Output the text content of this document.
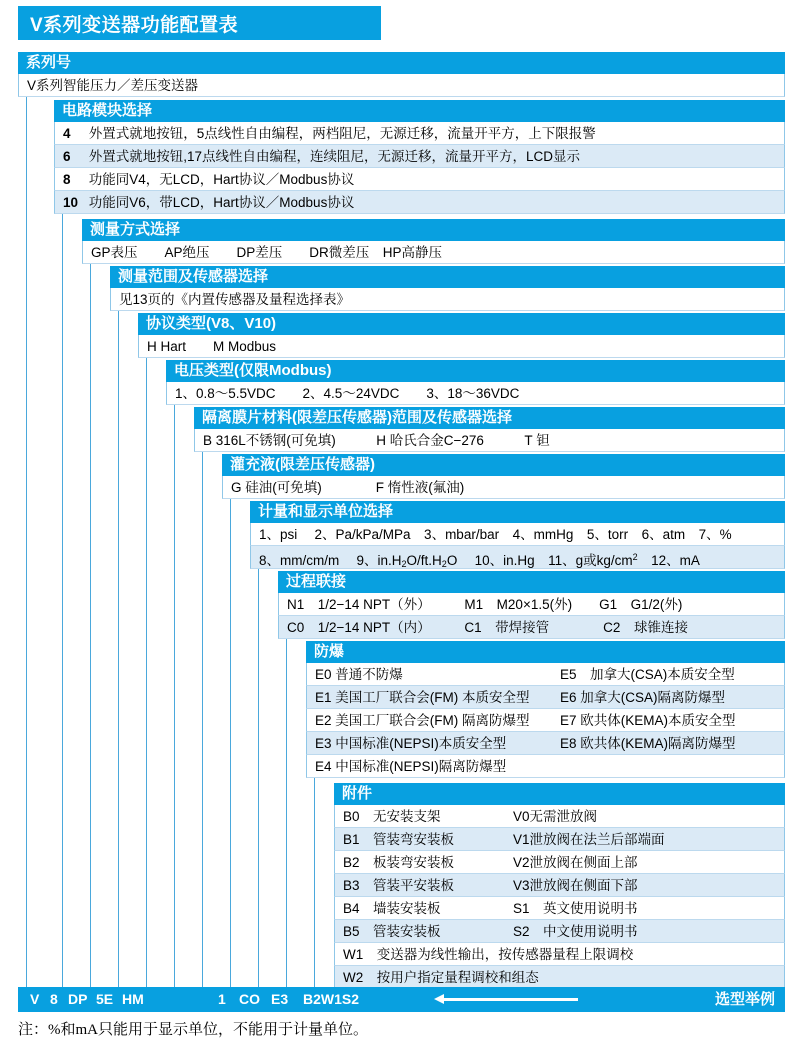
V系列变送器功能配置表
系列号
V系列智能压力／差压变送器
电路模块选择
4 外置式就地按钮，5点线性自由编程，两档阻尼，无源迁移，流量开平方，上下限报警
6 外置式就地按钮,17点线性自由编程，连续阻尼，无源迁移，流量开平方，LCD显示
8 功能同V4，无LCD，Hart协议／Modbus协议
10 功能同V6，带LCD，Hart协议／Modbus协议
测量方式选择
GP表压　　AP绝压　　DP差压　　DR微差压　HP高静压
测量范围及传感器选择
见13页的《内置传感器及量程选择表》
协议类型(V8、V10)
H Hart　　M Modbus
电压类型(仅限Modbus)
1、0.8～5.5VDC　　2、4.5～24VDC　　3、18～36VDC
隔离膜片材料(限差压传感器)范围及传感器选择
B 316L不锈钢(可免填)　　　H 哈氏合金C−276　　　T 钽
灌充液(限差压传感器)
G 硅油(可免填)　　　　F 惰性液(氟油)
计量和显示单位选择
1、psi　 2、Pa/kPa/MPa　3、mbar/bar　4、mmHg　5、torr　6、atm　7、%
8、mm/cm/m　 9、$in.H_2O/ft.H_2O$　 10、in.Hg　11、g或$kg/cm^2$　12、mA
过程联接
N1　1/2−14 NPT（外）　　　M1　M20×1.5(外)　　G1　G1/2(外)
C0　1/2−14 NPT（内）　　　C1　带焊接管　　　　C2　球锥连接
防爆
E0 普通不防爆	E5　加拿大(CSA)本质安全型
E1 美国工厂联合会(FM) 本质安全型	E6 加拿大(CSA)隔离防爆型
E2 美国工厂联合会(FM) 隔离防爆型	E7 欧共体(KEMA)本质安全型
E3 中国标准(NEPSI)本质安全型	E8 欧共体(KEMA)隔离防爆型
E4 中国标准(NEPSI)隔离防爆型
附件
B0　无安装支架	V0无需泄放阀
B1　管装弯安装板	V1泄放阀在法兰后部端面
B2　板装弯安装板	V2泄放阀在侧面上部
B3　管装平安装板	V3泄放阀在侧面下部
B4　墙装安装板	S1　英文使用说明书
B5　管装安装板	S2　中文使用说明书
W1　变送器为线性输出，按传感器量程上限调校
W2　按用户指定量程调校和组态
V 8 DP 5E HM	1 CO E3 B2W1S2	选型举例
注：%和mA只能用于显示单位，不能用于计量单位。
